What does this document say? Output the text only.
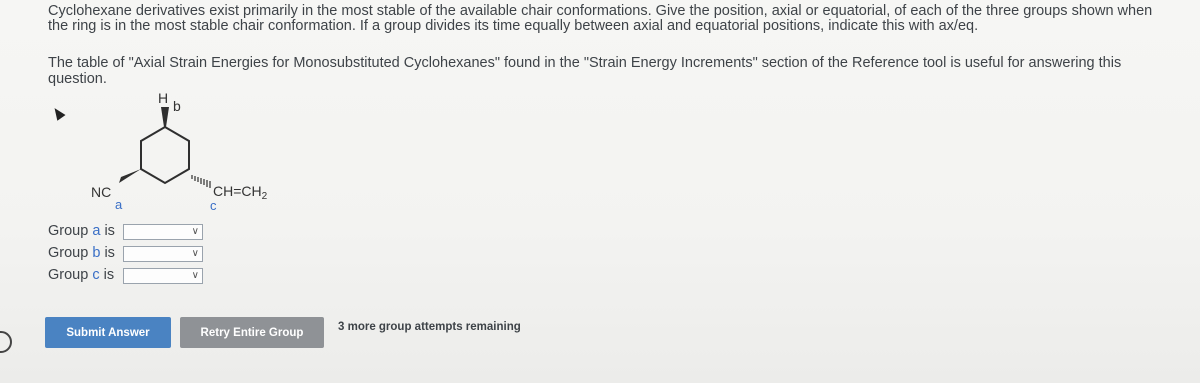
Cyclohexane derivatives exist primarily in the most stable of the available chair conformations. Give the position, axial or equatorial, of each of the three groups shown when
the ring is in the most stable chair conformation. If a group divides its time equally between axial and equatorial positions, indicate this with ax/eq.
The table of "Axial Strain Energies for Monosubstituted Cyclohexanes" found in the "Strain Energy Increments" section of the Reference tool is useful for answering this
question.
H b
NC
a
$CH=CH_2$
c
Group a is	∨
Group b is	∨
Group c is	∨
Submit Answer	Retry Entire Group	3 more group attempts remaining
